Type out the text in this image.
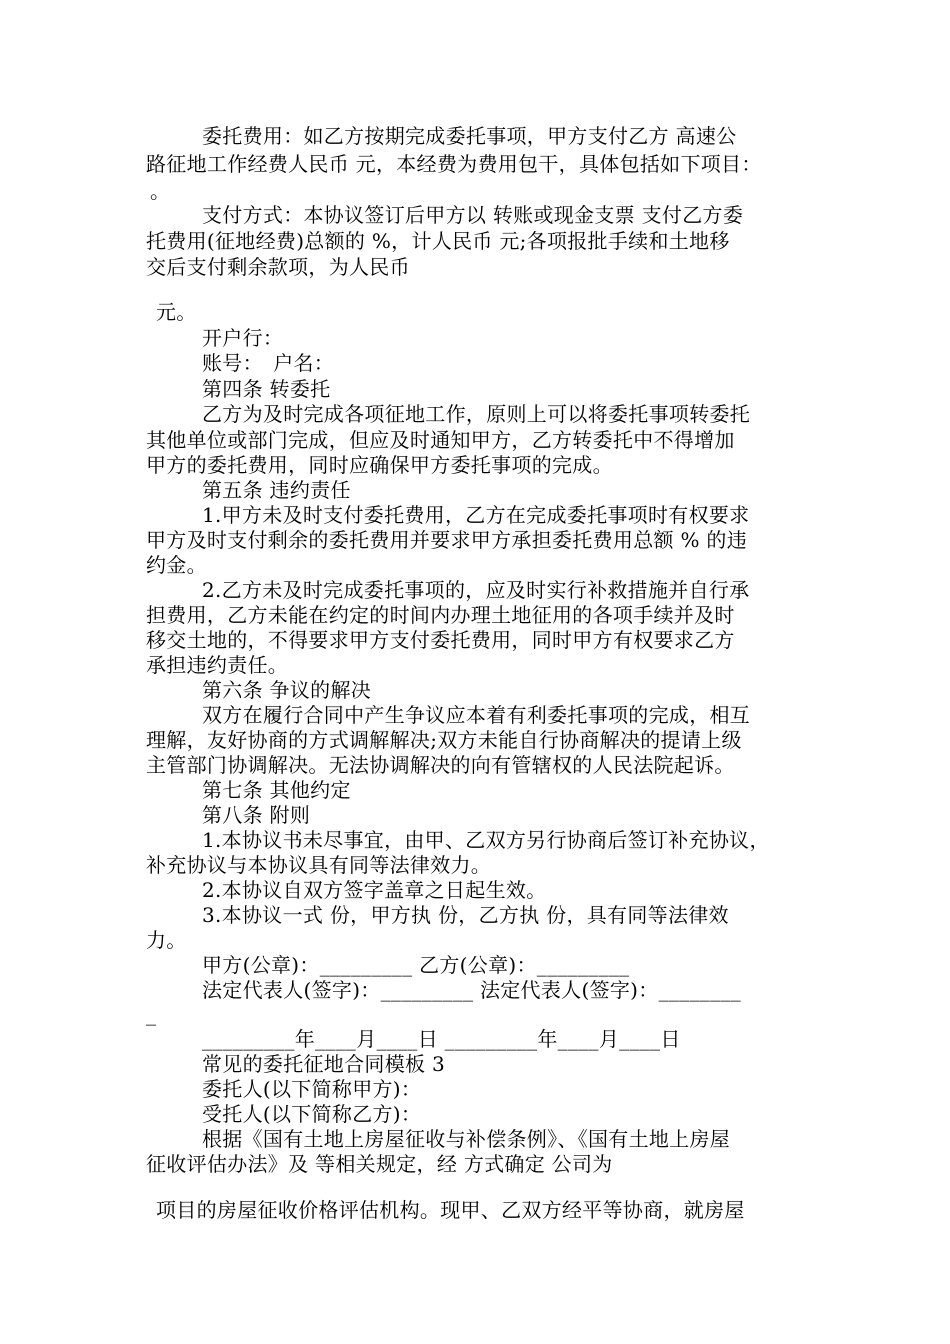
委托费用：如乙方按期完成委托事项，甲方支付乙方 高速公
路征地工作经费人民币 元，本经费为费用包干，具体包括如下项目：
。
支付方式：本协议签订后甲方以 转账或现金支票 支付乙方委
托费用(征地经费)总额的 %，计人民币 元;各项报批手续和土地移
交后支付剩余款项，为人民币
元。
开户行：
账号：　户名：
第四条 转委托
乙方为及时完成各项征地工作，原则上可以将委托事项转委托
其他单位或部门完成，但应及时通知甲方，乙方转委托中不得增加
甲方的委托费用，同时应确保甲方委托事项的完成。
第五条 违约责任
1.甲方未及时支付委托费用，乙方在完成委托事项时有权要求
甲方及时支付剩余的委托费用并要求甲方承担委托费用总额 % 的违
约金。
2.乙方未及时完成委托事项的，应及时实行补救措施并自行承
担费用，乙方未能在约定的时间内办理土地征用的各项手续并及时
移交土地的，不得要求甲方支付委托费用，同时甲方有权要求乙方
承担违约责任。
第六条 争议的解决
双方在履行合同中产生争议应本着有利委托事项的完成，相互
理解，友好协商的方式调解解决;双方未能自行协商解决的提请上级
主管部门协调解决。无法协调解决的向有管辖权的人民法院起诉。
第七条 其他约定
第八条 附则
1.本协议书未尽事宜，由甲、乙双方另行协商后签订补充协议，
补充协议与本协议具有同等法律效力。
2.本协议自双方签字盖章之日起生效。
3.本协议一式 份，甲方执 份，乙方执 份，具有同等法律效
力。
甲方(公章)：_________ 乙方(公章)：_________
法定代表人(签字)：_________ 法定代表人(签字)：________
_
_________年____月____日 _________年____月____日
常见的委托征地合同模板 3
委托人(以下简称甲方)：
受托人(以下简称乙方)：
根据《国有土地上房屋征收与补偿条例》、《国有土地上房屋
征收评估办法》及 等相关规定，经 方式确定 公司为
项目的房屋征收价格评估机构。现甲、乙双方经平等协商，就房屋
